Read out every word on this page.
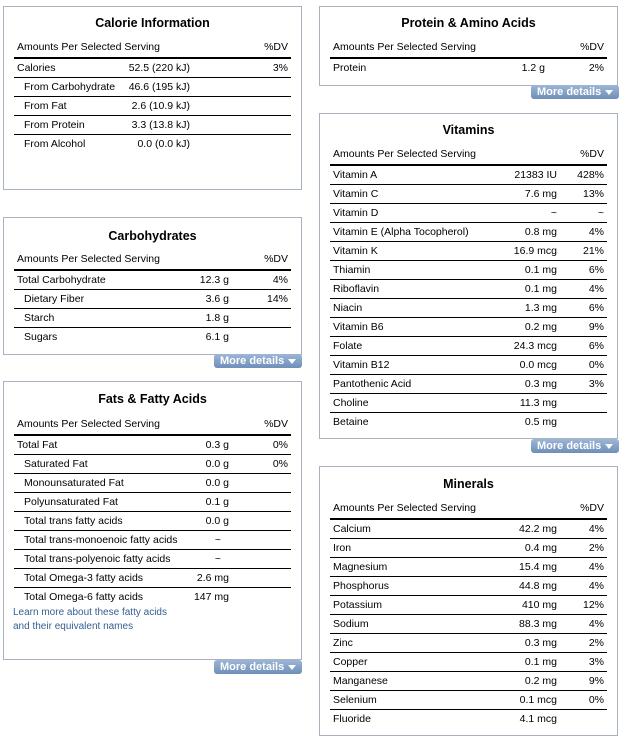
Calorie Information
Amounts Per Selected Serving	%DV
Calories	52.5 (220 kJ)	3%
From Carbohydrate 46.6 (195 kJ)
From Fat	2.6 (10.9 kJ)
From Protein	3.3 (13.8 kJ)
From Alcohol	0.0 (0.0 kJ)
Carbohydrates
Amounts Per Selected Serving	%DV
Total Carbohydrate	12.3 g	4%
Dietary Fiber	3.6 g	14%
Starch	1.8 g
Sugars	6.1 g
More details
Fats & Fatty Acids
Amounts Per Selected Serving	%DV
Total Fat	0.3 g	0%
Saturated Fat	0.0 g	0%
Monounsaturated Fat	0.0 g
Polyunsaturated Fat	0.1 g
Total trans fatty acids	0.0 g
Total trans-monoenoic fatty acids	~
Total trans-polyenoic fatty acids	~
Total Omega-3 fatty acids	2.6 mg
Total Omega-6 fatty acids	147 mg
Learn more about these fatty acids
and their equivalent names
More details
Protein & Amino Acids
Amounts Per Selected Serving	%DV
Protein	1.2 g	2%
More details
Vitamins
Amounts Per Selected Serving	%DV
Vitamin A	21383 IU 428%
Vitamin C	7.6 mg 13%
Vitamin D	~	~
Vitamin E (Alpha Tocopherol)	0.8 mg	4%
Vitamin K	16.9 mcg 21%
Thiamin	0.1 mg	6%
Riboflavin	0.1 mg	4%
Niacin	1.3 mg	6%
Vitamin B6	0.2 mg	9%
Folate	24.3 mcg	6%
Vitamin B12	0.0 mcg	0%
Pantothenic Acid	0.3 mg	3%
Choline	11.3 mg
Betaine	0.5 mg
More details
Minerals
Amounts Per Selected Serving	%DV
Calcium	42.2 mg	4%
Iron	0.4 mg	2%
Magnesium	15.4 mg	4%
Phosphorus	44.8 mg	4%
Potassium	410 mg 12%
Sodium	88.3 mg	4%
Zinc	0.3 mg	2%
Copper	0.1 mg	3%
Manganese	0.2 mg	9%
Selenium	0.1 mcg	0%
Fluoride	4.1 mcg
